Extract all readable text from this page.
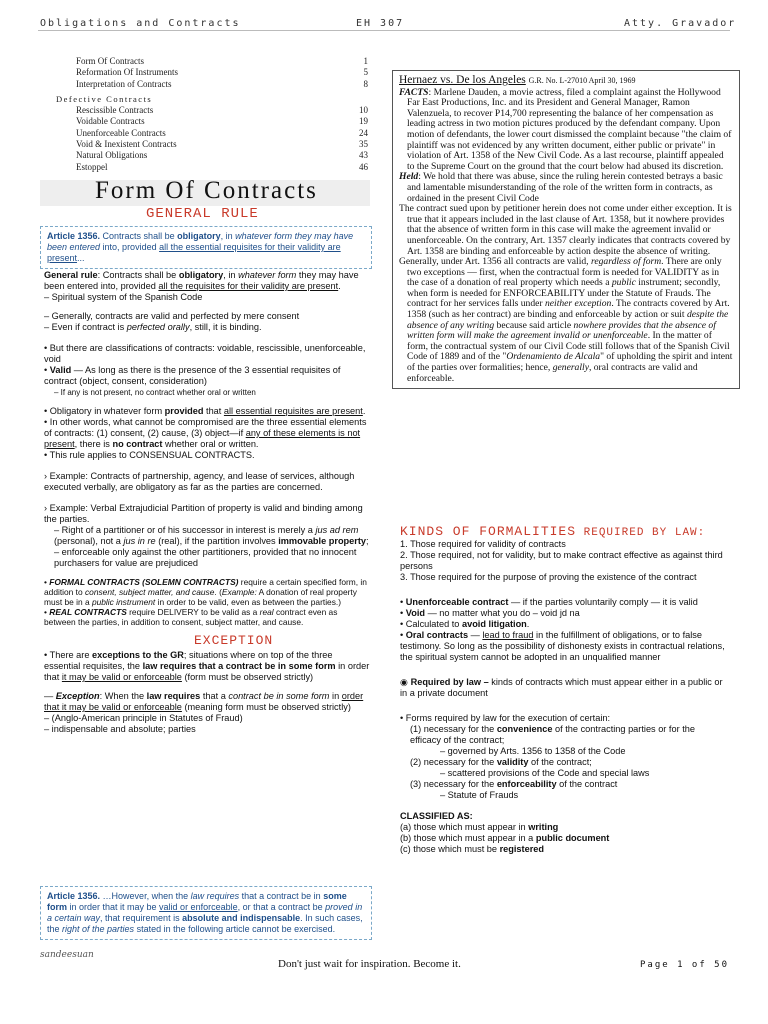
Obligations and Contracts	EH 307	Atty. Gravador
Form Of Contracts	1
Reformation Of Instruments	5
Interpretation of Contracts	8
Defective Contracts
Rescissible Contracts	10
Voidable Contracts	19
Unenforceable Contracts	24
Void & Inexistent Contracts	35
Natural Obligations	43
Estoppel	46
Form Of Contracts
GENERAL RULE
Article 1356. Contracts shall be obligatory, in whatever form they may have been entered into, provided all the essential requisites for their validity are present...
General rule: Contracts shall be obligatory, in whatever form they may have been entered into, provided all the requisites for their validity are present.
– Spiritual system of the Spanish Code
– Generally, contracts are valid and perfected by mere consent
– Even if contract is perfected orally, still, it is binding.
• But there are classifications of contracts: voidable, rescissible, unenforceable, void
• Valid — As long as there is the presence of the 3 essential requisites of contract (object, consent, consideration)
– If any is not present, no contract whether oral or written
• Obligatory in whatever form provided that all essential requisites are present.
• In other words, what cannot be compromised are the three essential elements of contracts: (1) consent, (2) cause, (3) object—if any of these elements is not present, there is no contract whether oral or written.
• This rule applies to CONSENSUAL CONTRACTS.
› Example: Contracts of partnership, agency, and lease of services, although executed verbally, are obligatory as far as the parties are concerned.
› Example: Verbal Extrajudicial Partition of property is valid and binding among the parties.
– Right of a partitioner or of his successor in interest is merely a jus ad rem (personal), not a jus in re (real), if the partition involves immovable property;
– enforceable only against the other partitioners, provided that no innocent purchasers for value are prejudiced
• FORMAL CONTRACTS (SOLEMN CONTRACTS) require a certain specified form, in addition to consent, subject matter, and cause. (Example: A donation of real property must be in a public instrument in order to be valid, even as between the parties.)
• REAL CONTRACTS require DELIVERY to be valid as a real contract even as between the parties, in addition to consent, subject matter, and cause.
EXCEPTION
• There are exceptions to the GR; situations where on top of the three essential requisites, the law requires that a contract be in some form in order that it may be valid or enforceable (form must be observed strictly)
— Exception: When the law requires that a contract be in some form in order that it may be valid or enforceable (meaning form must be observed strictly)
– (Anglo-American principle in Statutes of Fraud)
– indispensable and absolute; parties
Article 1356. …However, when the law requires that a contract be in some form in order that it may be valid or enforceable, or that a contract be proved in a certain way, that requirement is absolute and indispensable. In such cases, the right of the parties stated in the following article cannot be exercised.
sandeesuan
Hernaez vs. De los Angeles G.R. No. L-27010 April 30, 1969

FACTS: Marlene Dauden, a movie actress, filed a complaint against the Hollywood Far East Productions, Inc. and its President and General Manager, Ramon Valenzuela, to recover P14,700 representing the balance of her compensation as leading actress in two motion pictures produced by the defendant company. Upon motion of defendants, the lower court dismissed the complaint because "the claim of plaintiff was not evidenced by any written document, either public or private" in violation of Art. 1358 of the New Civil Code. As a last recourse, plaintiff appealed to the Supreme Court on the ground that the court below had abused its discretion.

Held: We hold that there was abuse, since the ruling herein contested betrays a basic and lamentable misunderstanding of the role of the written form in contracts, as ordained in the present Civil Code

The contract sued upon by petitioner herein does not come under either exception. It is true that it appears included in the last clause of Art. 1358, but it nowhere provides that the absence of written form in this case will make the agreement invalid or unenforceable. On the contrary, Art. 1357 clearly indicates that contracts covered by Art. 1358 are binding and enforceable by action despite the absence of writing.

Generally, under Art. 1356 all contracts are valid, regardless of form. There are only two exceptions — first, when the contractual form is needed for VALIDITY as in the case of a donation of real property which needs a public instrument; secondly, when form is needed for ENFORCEABILITY under the Statute of Frauds. The contract for her services falls under neither exception. The contracts covered by Art. 1358 (such as her contract) are binding and enforceable by action or suit despite the absence of any writing because said article nowhere provides that the absence of written form will make the agreement invalid or unenforceable. In the matter of form, the contractual system of our Civil Code still follows that of the Spanish Civil Code of 1889 and of the "Ordenamiento de Alcala" of upholding the spirit and intent of the parties over formalities; hence, generally, oral contracts are valid and enforceable.

KINDS OF FORMALITIES REQUIRED BY LAW:
1. Those required for validity of contracts
2. Those required, not for validity, but to make contract effective as against third persons
3. Those required for the purpose of proving the existence of the contract
• Unenforceable contract — if the parties voluntarily comply — it is valid
• Void — no matter what you do – void jd na
• Calculated to avoid litigation.
• Oral contracts — lead to fraud in the fulfillment of obligations, or to false testimony. So long as the possibility of dishonesty exists in contractual relations, the spiritual system cannot be adopted in an unqualified manner
◉ Required by law – kinds of contracts which must appear either in a public or in a private document
• Forms required by law for the execution of certain:
(1) necessary for the convenience of the contracting parties or for the efficacy of the contract;
– governed by Arts. 1356 to 1358 of the Code
(2) necessary for the validity of the contract;
– scattered provisions of the Code and special laws
(3) necessary for the enforceability of the contract
– Statute of Frauds
CLASSIFIED AS:
(a) those which must appear in writing
(b) those which must appear in a public document
(c) those which must be registered
Don't just wait for inspiration. Become it.	Page 1 of 50
